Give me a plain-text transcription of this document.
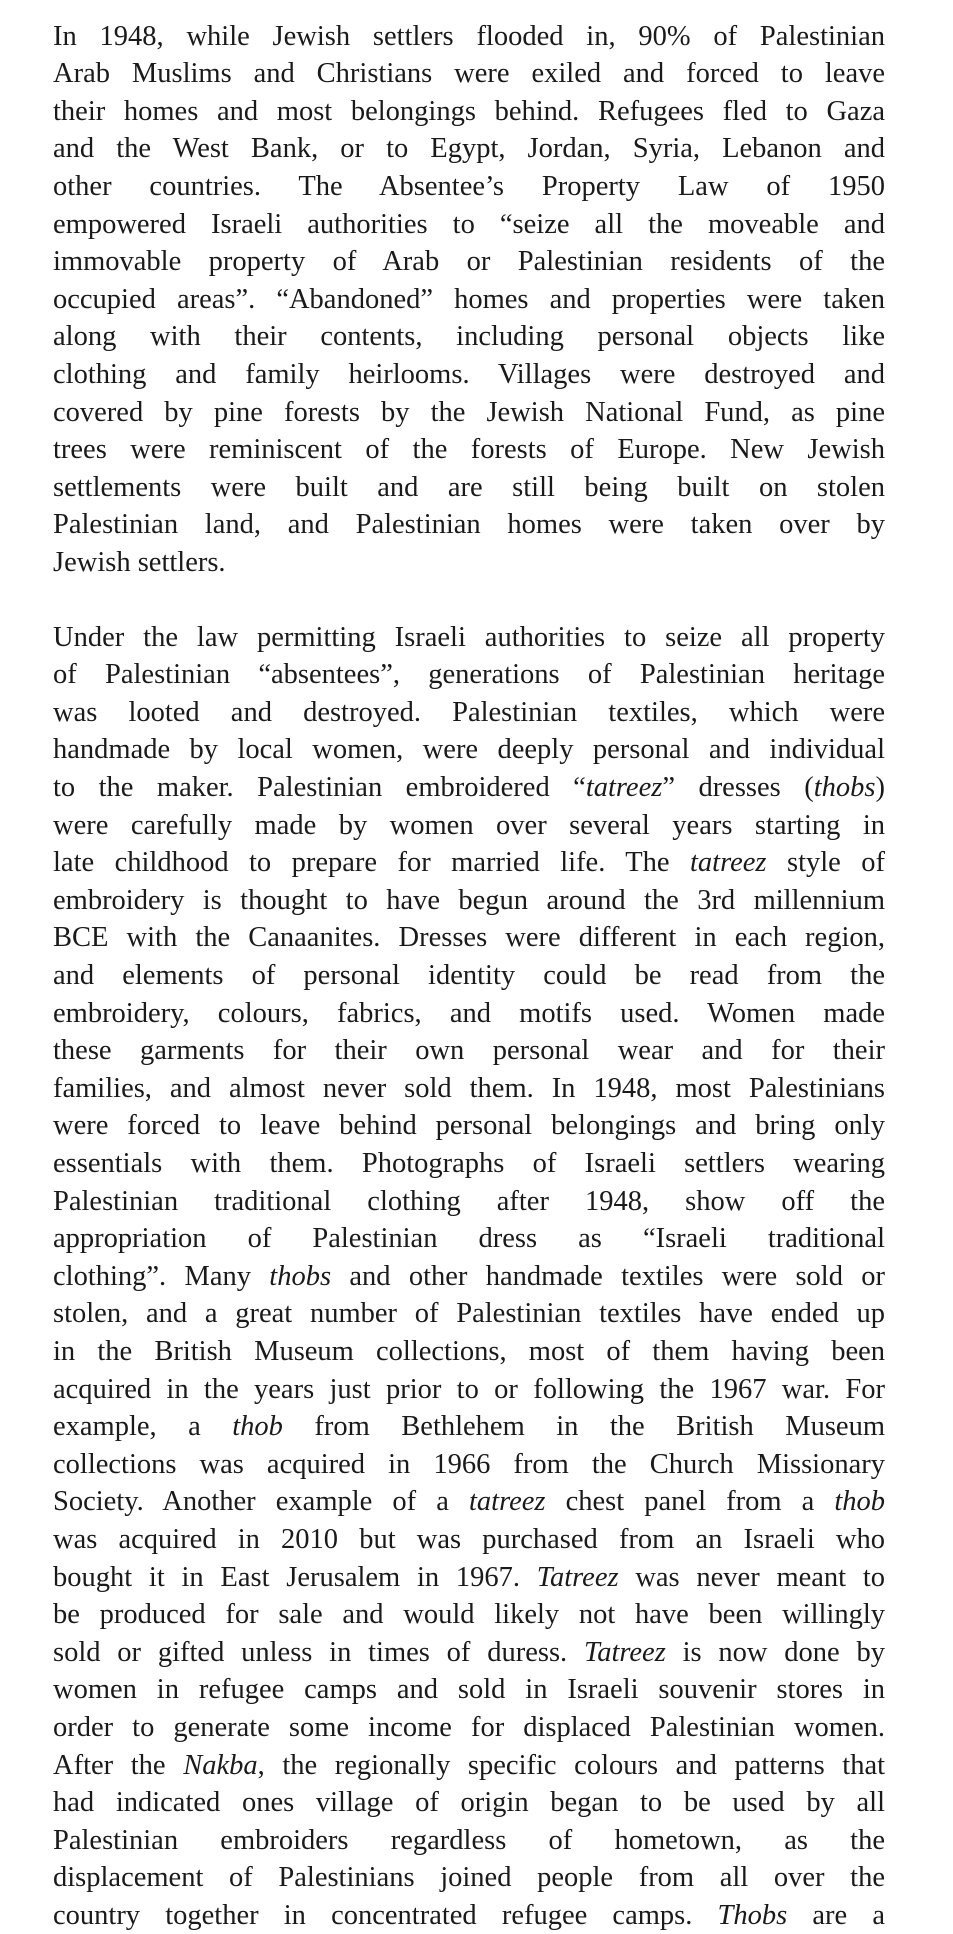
In 1948, while Jewish settlers flooded in, 90% of Palestinian
Arab Muslims and Christians were exiled and forced to leave
their homes and most belongings behind. Refugees fled to Gaza
and the West Bank, or to Egypt, Jordan, Syria, Lebanon and
other countries. The Absentee’s Property Law of 1950
empowered Israeli authorities to “seize all the moveable and
immovable property of Arab or Palestinian residents of the
occupied areas”. “Abandoned” homes and properties were taken
along with their contents, including personal objects like
clothing and family heirlooms. Villages were destroyed and
covered by pine forests by the Jewish National Fund, as pine
trees were reminiscent of the forests of Europe. New Jewish
settlements were built and are still being built on stolen
Palestinian land, and Palestinian homes were taken over by
Jewish settlers.
Under the law permitting Israeli authorities to seize all property
of Palestinian “absentees”, generations of Palestinian heritage
was looted and destroyed. Palestinian textiles, which were
handmade by local women, were deeply personal and individual
to the maker. Palestinian embroidered “tatreez” dresses (thobs)
were carefully made by women over several years starting in
late childhood to prepare for married life. The tatreez style of
embroidery is thought to have begun around the 3rd millennium
BCE with the Canaanites. Dresses were different in each region,
and elements of personal identity could be read from the
embroidery, colours, fabrics, and motifs used. Women made
these garments for their own personal wear and for their
families, and almost never sold them. In 1948, most Palestinians
were forced to leave behind personal belongings and bring only
essentials with them. Photographs of Israeli settlers wearing
Palestinian traditional clothing after 1948, show off the
appropriation of Palestinian dress as “Israeli traditional
clothing”. Many thobs and other handmade textiles were sold or
stolen, and a great number of Palestinian textiles have ended up
in the British Museum collections, most of them having been
acquired in the years just prior to or following the 1967 war. For
example, a thob from Bethlehem in the British Museum
collections was acquired in 1966 from the Church Missionary
Society. Another example of a tatreez chest panel from a thob
was acquired in 2010 but was purchased from an Israeli who
bought it in East Jerusalem in 1967. Tatreez was never meant to
be produced for sale and would likely not have been willingly
sold or gifted unless in times of duress. Tatreez is now done by
women in refugee camps and sold in Israeli souvenir stores in
order to generate some income for displaced Palestinian women.
After the Nakba, the regionally specific colours and patterns that
had indicated ones village of origin began to be used by all
Palestinian embroiders regardless of hometown, as the
displacement of Palestinians joined people from all over the
country together in concentrated refugee camps. Thobs are a
